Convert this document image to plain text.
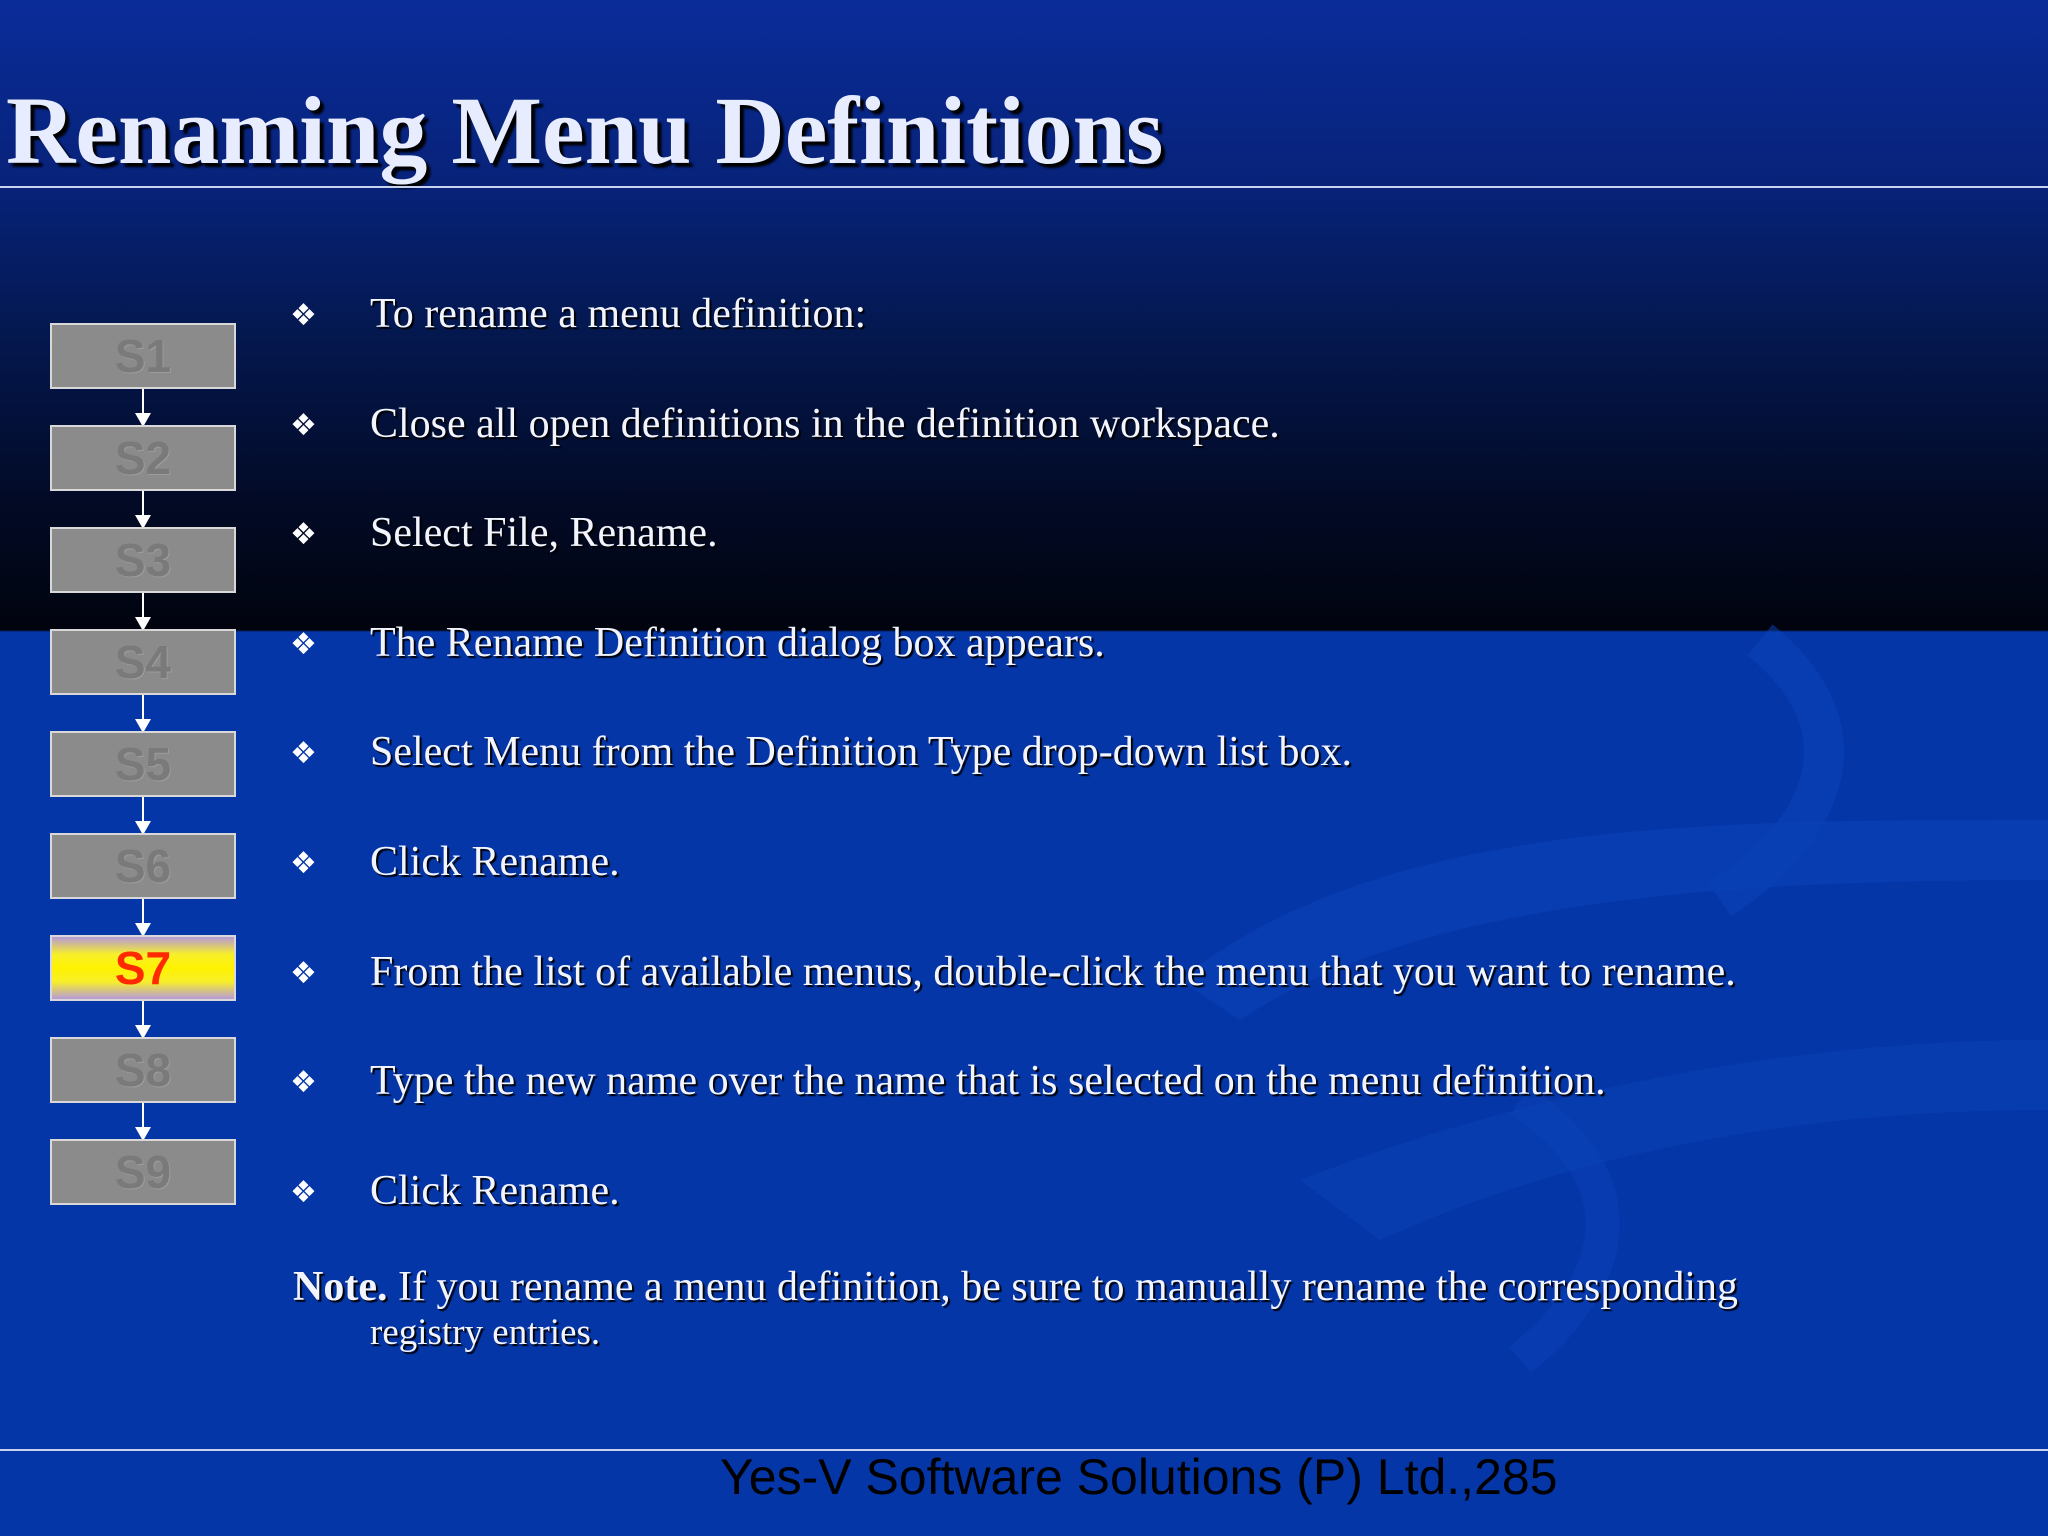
Renaming Menu Definitions
S1
S2
S3
S4
S5
S6
S7
S8
S9
❖ To rename a menu definition:
❖ Close all open definitions in the definition workspace.
❖ Select File, Rename.
❖ The Rename Definition dialog box appears.
❖ Select Menu from the Definition Type drop-down list box.
❖ Click Rename.
❖ From the list of available menus, double-click the menu that you want to rename.
❖ Type the new name over the name that is selected on the menu definition.
❖ Click Rename.
Note. If you rename a menu definition, be sure to manually rename the corresponding
registry entries.
Yes-V Software Solutions (P) Ltd.,285
